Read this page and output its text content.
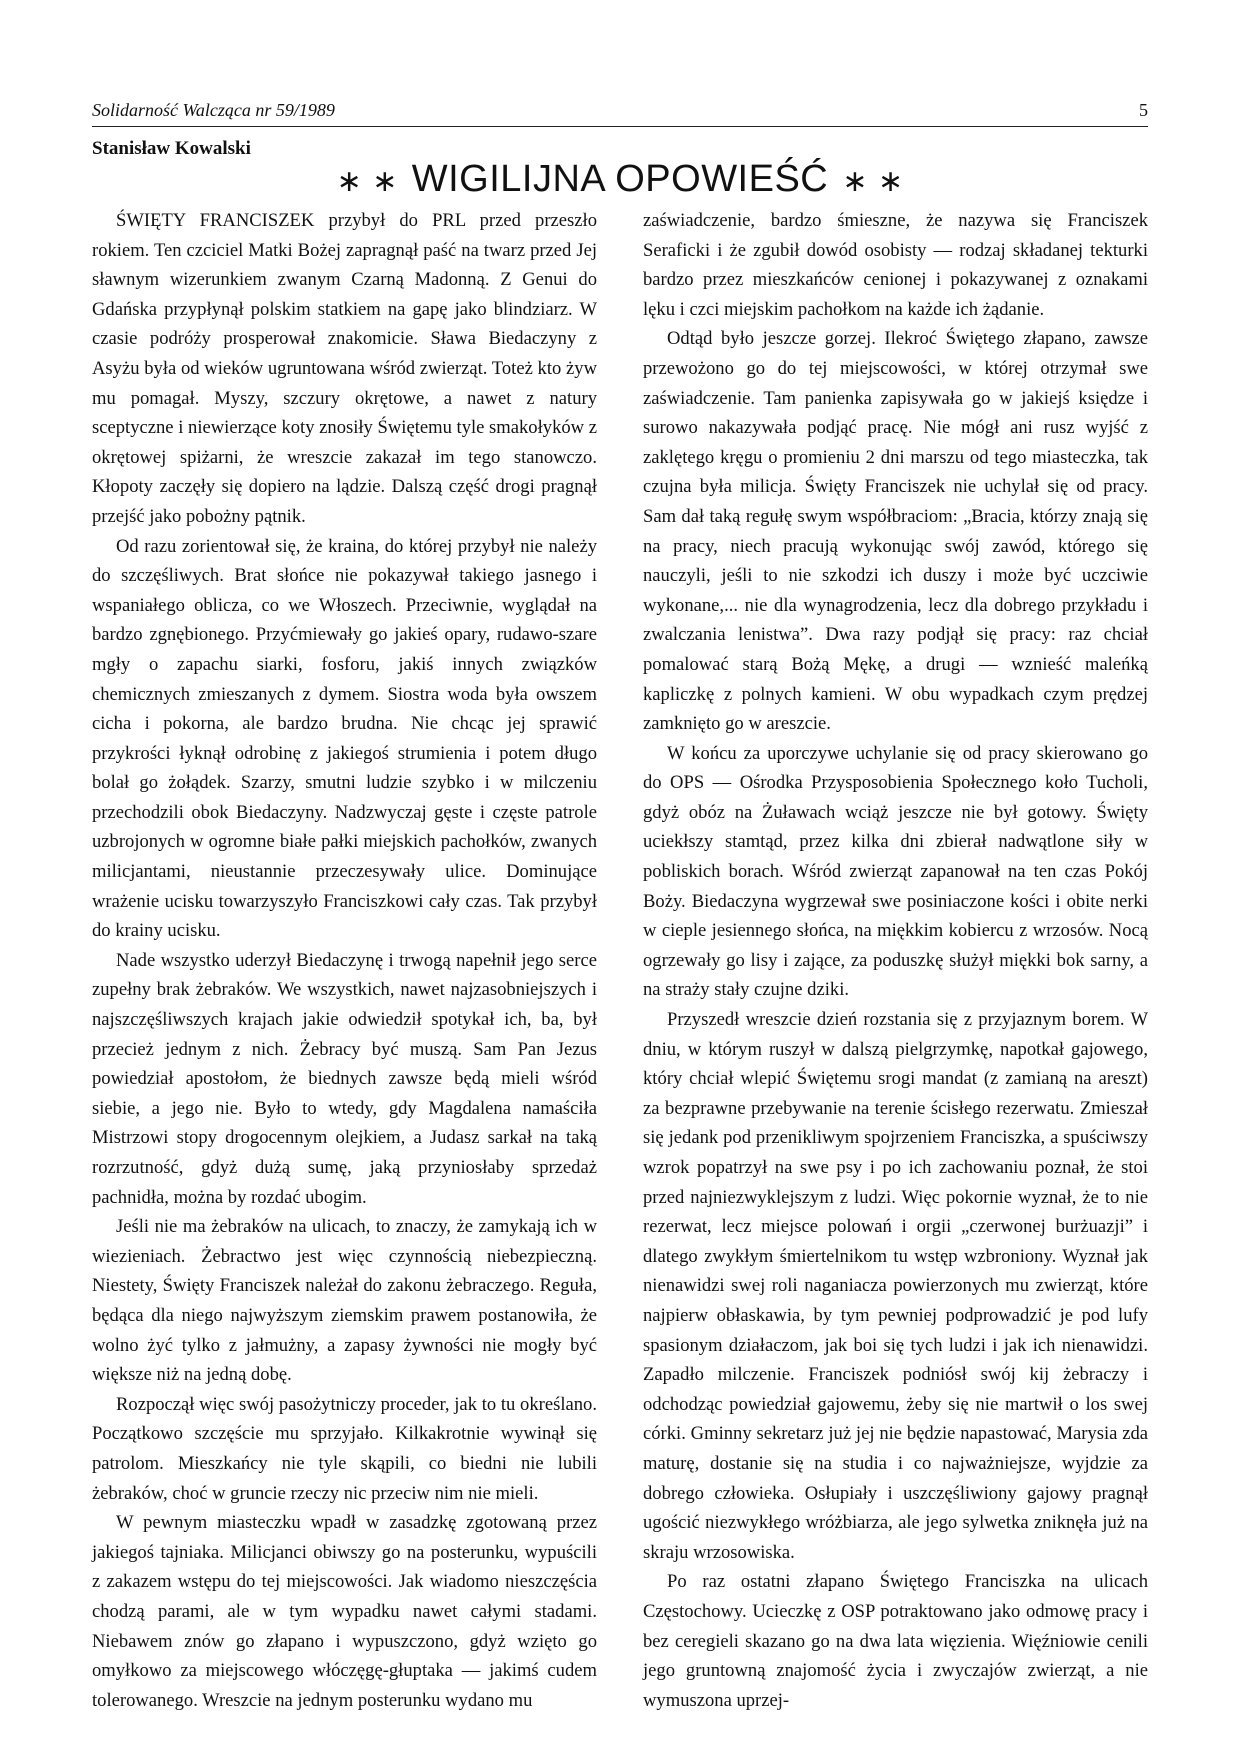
Solidarność Walcząca nr 59/1989	5
Stanisław Kowalski
∗ ∗ WIGILIJNA OPOWIEŚĆ ∗ ∗

ŚWIĘTY FRANCISZEK przybył do PRL przed przeszło rokiem. Ten czciciel Matki Bożej zapragnął paść na twarz przed Jej sławnym wizerunkiem zwanym Czarną Madonną. Z Genui do Gdańska przypłynął polskim statkiem na gapę jako blindziarz. W czasie podróży prosperował znakomicie. Sława Biedaczyny z Asyżu była od wieków ugruntowana wśród zwierząt. Toteż kto żyw mu pomagał. Myszy, szczury okrętowe, a nawet z natury sceptyczne i niewierzące koty znosiły Świętemu tyle smakołyków z okrętowej spiżarni, że wreszcie zakazał im tego stanowczo. Kłopoty zaczęły się dopiero na lądzie. Dalszą część drogi pragnął przejść jako pobożny pątnik.

Od razu zorientował się, że kraina, do której przybył nie należy do szczęśliwych. Brat słońce nie pokazywał takiego jasnego i wspaniałego oblicza, co we Włoszech. Przeciwnie, wyglądał na bardzo zgnębionego. Przyćmiewały go jakieś opary, rudawo-szare mgły o zapachu siarki, fosforu, jakiś innych związków chemicznych zmieszanych z dymem. Siostra woda była owszem cicha i pokorna, ale bardzo brudna. Nie chcąc jej sprawić przykrości łyknął odrobinę z jakiegoś strumienia i potem długo bolał go żołądek. Szarzy, smutni ludzie szybko i w milczeniu przechodzili obok Biedaczyny. Nadzwyczaj gęste i częste patrole uzbrojonych w ogromne białe pałki miejskich pachołków, zwanych milicjantami, nieustannie przeczesywały ulice. Dominujące wrażenie ucisku towarzyszyło Franciszkowi cały czas. Tak przybył do krainy ucisku.

Nade wszystko uderzył Biedaczynę i trwogą napełnił jego serce zupełny brak żebraków. We wszystkich, nawet najzasobniejszych i najszczęśliwszych krajach jakie odwiedził spotykał ich, ba, był przecież jednym z nich. Żebracy być muszą. Sam Pan Jezus powiedział apostołom, że biednych zawsze będą mieli wśród siebie, a jego nie. Było to wtedy, gdy Magdalena namaściła Mistrzowi stopy drogocennym olejkiem, a Judasz sarkał na taką rozrzutność, gdyż dużą sumę, jaką przyniosłaby sprzedaż pachnidła, można by rozdać ubogim.

Jeśli nie ma żebraków na ulicach, to znaczy, że zamykają ich w wiezieniach. Żebractwo jest więc czynnością niebezpieczną. Niestety, Święty Franciszek należał do zakonu żebraczego. Reguła, będąca dla niego najwyższym ziemskim prawem postanowiła, że wolno żyć tylko z jałmużny, a zapasy żywności nie mogły być większe niż na jedną dobę.

Rozpoczął więc swój pasożytniczy proceder, jak to tu określano. Początkowo szczęście mu sprzyjało. Kilkakrotnie wywinął się patrolom. Mieszkańcy nie tyle skąpili, co biedni nie lubili żebraków, choć w gruncie rzeczy nic przeciw nim nie mieli.

W pewnym miasteczku wpadł w zasadzkę zgotowaną przez jakiegoś tajniaka. Milicjanci obiwszy go na posterunku, wypuścili z zakazem wstępu do tej miejscowości. Jak wiadomo nieszczęścia chodzą parami, ale w tym wypadku nawet całymi stadami. Niebawem znów go złapano i wypuszczono, gdyż wzięto go omyłkowo za miejscowego włóczęgę-głuptaka — jakimś cudem tolerowanego. Wreszcie na jednym posterunku wydano mu

zaświadczenie, bardzo śmieszne, że nazywa się Franciszek Seraficki i że zgubił dowód osobisty — rodzaj składanej tekturki bardzo przez mieszkańców cenionej i pokazywanej z oznakami lęku i czci miejskim pachołkom na każde ich żądanie.

Odtąd było jeszcze gorzej. Ilekroć Świętego złapano, zawsze przewożono go do tej miejscowości, w której otrzymał swe zaświadczenie. Tam panienka zapisywała go w jakiejś księdze i surowo nakazywała podjąć pracę. Nie mógł ani rusz wyjść z zaklętego kręgu o promieniu 2 dni marszu od tego miasteczka, tak czujna była milicja. Święty Franciszek nie uchylał się od pracy. Sam dał taką regułę swym współbraciom: „Bracia, którzy znają się na pracy, niech pracują wykonując swój zawód, którego się nauczyli, jeśli to nie szkodzi ich duszy i może być uczciwie wykonane,... nie dla wynagrodzenia, lecz dla dobrego przykładu i zwalczania lenistwa”. Dwa razy podjął się pracy: raz chciał pomalować starą Bożą Mękę, a drugi — wznieść maleńką kapliczkę z polnych kamieni. W obu wypadkach czym prędzej zamknięto go w areszcie.

W końcu za uporczywe uchylanie się od pracy skierowano go do OPS — Ośrodka Przysposobienia Społecznego koło Tucholi, gdyż obóz na Żuławach wciąż jeszcze nie był gotowy. Święty uciekłszy stamtąd, przez kilka dni zbierał nadwątlone siły w pobliskich borach. Wśród zwierząt zapanował na ten czas Pokój Boży. Biedaczyna wygrzewał swe posiniaczone kości i obite nerki w cieple jesiennego słońca, na miękkim kobiercu z wrzosów. Nocą ogrzewały go lisy i zające, za poduszkę służył miękki bok sarny, a na straży stały czujne dziki.

Przyszedł wreszcie dzień rozstania się z przyjaznym borem. W dniu, w którym ruszył w dalszą pielgrzymkę, napotkał gajowego, który chciał wlepić Świętemu srogi mandat (z zamianą na areszt) za bezprawne przebywanie na terenie ścisłego rezerwatu. Zmieszał się jedank pod przenikliwym spojrzeniem Franciszka, a spuściwszy wzrok popatrzył na swe psy i po ich zachowaniu poznał, że stoi przed najniezwyklejszym z ludzi. Więc pokornie wyznał, że to nie rezerwat, lecz miejsce polowań i orgii „czerwonej burżuazji” i dlatego zwykłym śmiertelnikom tu wstęp wzbroniony. Wyznał jak nienawidzi swej roli naganiacza powierzonych mu zwierząt, które najpierw obłaskawia, by tym pewniej podprowadzić je pod lufy spasionym działaczom, jak boi się tych ludzi i jak ich nienawidzi. Zapadło milczenie. Franciszek podniósł swój kij żebraczy i odchodząc powiedział gajowemu, żeby się nie martwił o los swej córki. Gminny sekretarz już jej nie będzie napastować, Marysia zda maturę, dostanie się na studia i co najważniejsze, wyjdzie za dobrego człowieka. Osłupiały i uszczęśliwiony gajowy pragnął ugościć niezwykłego wróżbiarza, ale jego sylwetka zniknęła już na skraju wrzosowiska.

Po raz ostatni złapano Świętego Franciszka na ulicach Częstochowy. Ucieczkę z OSP potraktowano jako odmowę pracy i bez ceregieli skazano go na dwa lata więzienia. Więźniowie cenili jego gruntowną znajomość życia i zwyczajów zwierząt, a nie wymuszona uprzej-
